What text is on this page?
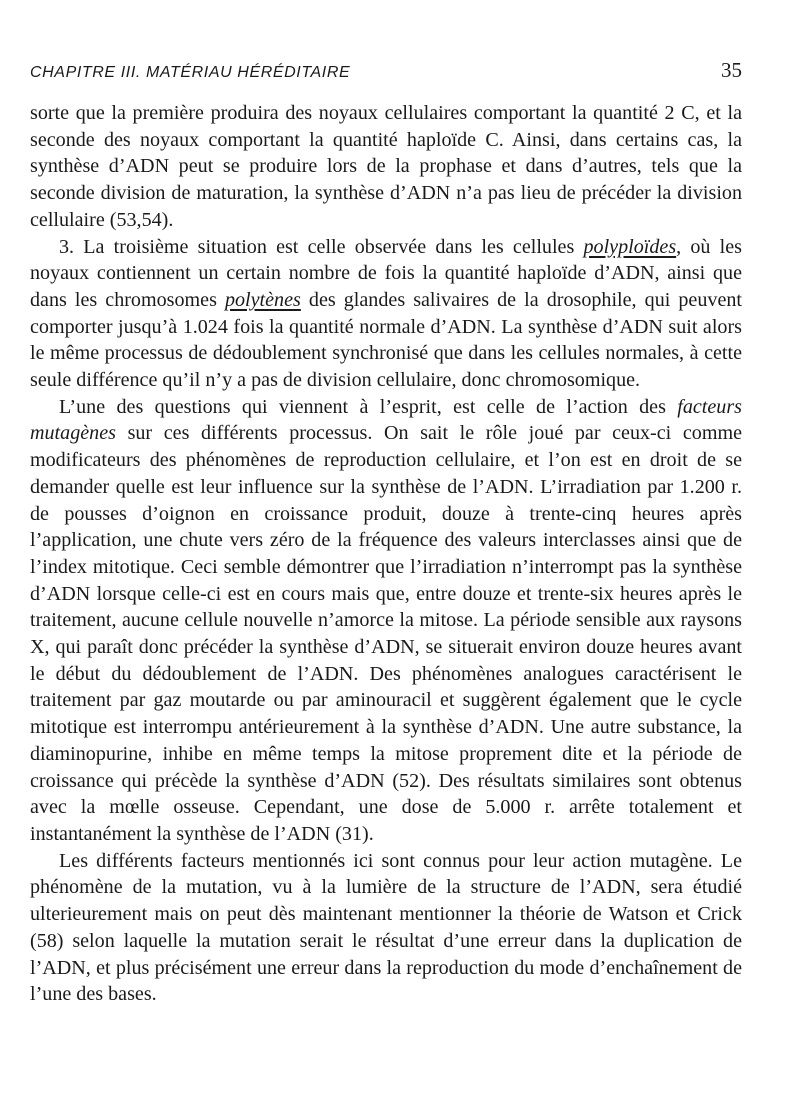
CHAPITRE III. MATÉRIAU HÉRÉDITAIRE	35

sorte que la première produira des noyaux cellulaires comportant la quantité 2 C, et la seconde des noyaux comportant la quantité haploïde C. Ainsi, dans certains cas, la synthèse d’ADN peut se produire lors de la prophase et dans d’autres, tels que la seconde division de maturation, la synthèse d’ADN n’a pas lieu de précéder la division cellulaire (53,54).

3. La troisième situation est celle observée dans les cellules polyploïdes, où les noyaux contiennent un certain nombre de fois la quantité haploïde d’ADN, ainsi que dans les chromosomes polytènes des glandes salivaires de la drosophile, qui peuvent comporter jusqu’à 1.024 fois la quantité normale d’ADN. La synthèse d’ADN suit alors le même processus de dédoublement synchronisé que dans les cellules normales, à cette seule différence qu’il n’y a pas de division cellulaire, donc chromosomique.

L’une des questions qui viennent à l’esprit, est celle de l’action des facteurs mutagènes sur ces différents processus. On sait le rôle joué par ceux-ci comme modificateurs des phénomènes de reproduction cellulaire, et l’on est en droit de se demander quelle est leur influence sur la synthèse de l’ADN. L’irradiation par 1.200 r. de pousses d’oignon en croissance produit, douze à trente-cinq heures après l’application, une chute vers zéro de la fréquence des valeurs interclasses ainsi que de l’index mitotique. Ceci semble démontrer que l’irradiation n’interrompt pas la synthèse d’ADN lorsque celle-ci est en cours mais que, entre douze et trente-six heures après le traitement, aucune cellule nouvelle n’amorce la mitose. La période sensible aux raysons X, qui paraît donc précéder la synthèse d’ADN, se situerait environ douze heures avant le début du dédoublement de l’ADN. Des phénomènes analogues caractérisent le traitement par gaz moutarde ou par aminouracil et suggèrent également que le cycle mitotique est interrompu antérieurement à la synthèse d’ADN. Une autre substance, la diaminopurine, inhibe en même temps la mitose proprement dite et la période de croissance qui précède la synthèse d’ADN (52). Des résultats similaires sont obtenus avec la mœlle osseuse. Cependant, une dose de 5.000 r. arrête totalement et instantanément la synthèse de l’ADN (31).

Les différents facteurs mentionnés ici sont connus pour leur action mutagène. Le phénomène de la mutation, vu à la lumière de la structure de l’ADN, sera étudié ulterieurement mais on peut dès maintenant mentionner la théorie de Watson et Crick (58) selon laquelle la mutation serait le résultat d’une erreur dans la duplication de l’ADN, et plus précisément une erreur dans la reproduction du mode d’enchaînement de l’une des bases.
